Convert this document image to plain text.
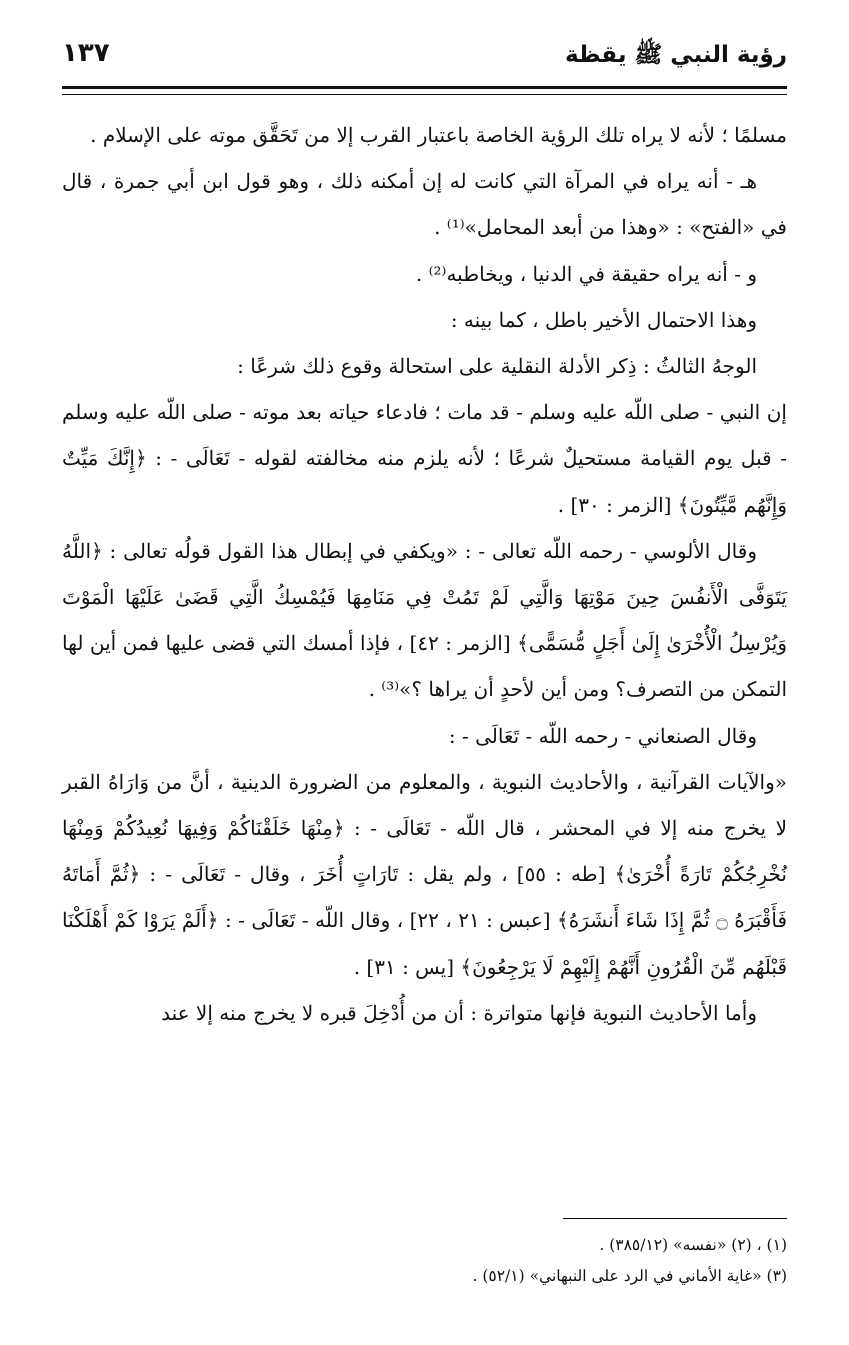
رؤية النبي ﷺ يقظة
١٣٧

مسلمًا ؛ لأنه لا يراه تلك الرؤية الخاصة باعتبار القرب إلا من تَحَقَّق موته على الإسلام .

هـ - أنه يراه في المرآة التي كانت له إن أمكنه ذلك ، وهو قول ابن أبي جمرة ، قال في «الفتح» : «وهذا من أبعد المحامل»⁽¹⁾ .

و - أنه يراه حقيقة في الدنيا ، ويخاطبه⁽²⁾ .

وهذا الاحتمال الأخير باطل ، كما بينه :

الوجهُ الثالثُ : ذِكر الأدلة النقلية على استحالة وقوع ذلك شرعًا :

إن النبي - صلى اللّه عليه وسلم - قد مات ؛ فادعاء حياته بعد موته - صلى اللّه عليه وسلم - قبل يوم القيامة مستحيلٌ شرعًا ؛ لأنه يلزم منه مخالفته لقوله - تَعَالَى - : ﴿إِنَّكَ مَيِّتٌ وَإِنَّهُم مَّيِّتُونَ﴾ [الزمر : ٣٠] .

وقال الألوسي - رحمه اللّه تعالى - : «ويكفي في إبطال هذا القول قولُه تعالى : ﴿اللَّهُ يَتَوَفَّى الْأَنفُسَ حِينَ مَوْتِهَا وَالَّتِي لَمْ تَمُتْ فِي مَنَامِهَا فَيُمْسِكُ الَّتِي قَضَىٰ عَلَيْهَا الْمَوْتَ وَيُرْسِلُ الْأُخْرَىٰ إِلَىٰ أَجَلٍ مُّسَمًّى﴾ [الزمر : ٤٢] ، فإذا أمسك التي قضى عليها فمن أين لها التمكن من التصرف؟ ومن أين لأحدٍ أن يراها ؟»⁽³⁾ .

وقال الصنعاني - رحمه اللّه - تَعَالَى - :

«والآيات القرآنية ، والأحاديث النبوية ، والمعلوم من الضرورة الدينية ، أنَّ من وَارَاهُ القبر لا يخرج منه إلا في المحشر ، قال اللّه - تَعَالَى - : ﴿مِنْهَا خَلَقْنَاكُمْ وَفِيهَا نُعِيدُكُمْ وَمِنْهَا نُخْرِجُكُمْ تَارَةً أُخْرَىٰ﴾ [طه : ٥٥] ، ولم يقل : تَارَاتٍ أُخَرَ ، وقال - تَعَالَى - : ﴿ثُمَّ أَمَاتَهُ فَأَقْبَرَهُ ۝ ثُمَّ إِذَا شَاءَ أَنشَرَهُ﴾ [عبس : ٢١ ، ٢٢] ، وقال اللّه - تَعَالَى - : ﴿أَلَمْ يَرَوْا كَمْ أَهْلَكْنَا قَبْلَهُم مِّنَ الْقُرُونِ أَنَّهُمْ إِلَيْهِمْ لَا يَرْجِعُونَ﴾ [يس : ٣١] .

وأما الأحاديث النبوية فإنها متواترة : أن من أُدْخِلَ قبره لا يخرج منه إلا عند

(١) ، (٢) «نفسه» (٣٨٥/١٢) .

(٣) «غاية الأماني في الرد على النبهاني» (٥٢/١) .
